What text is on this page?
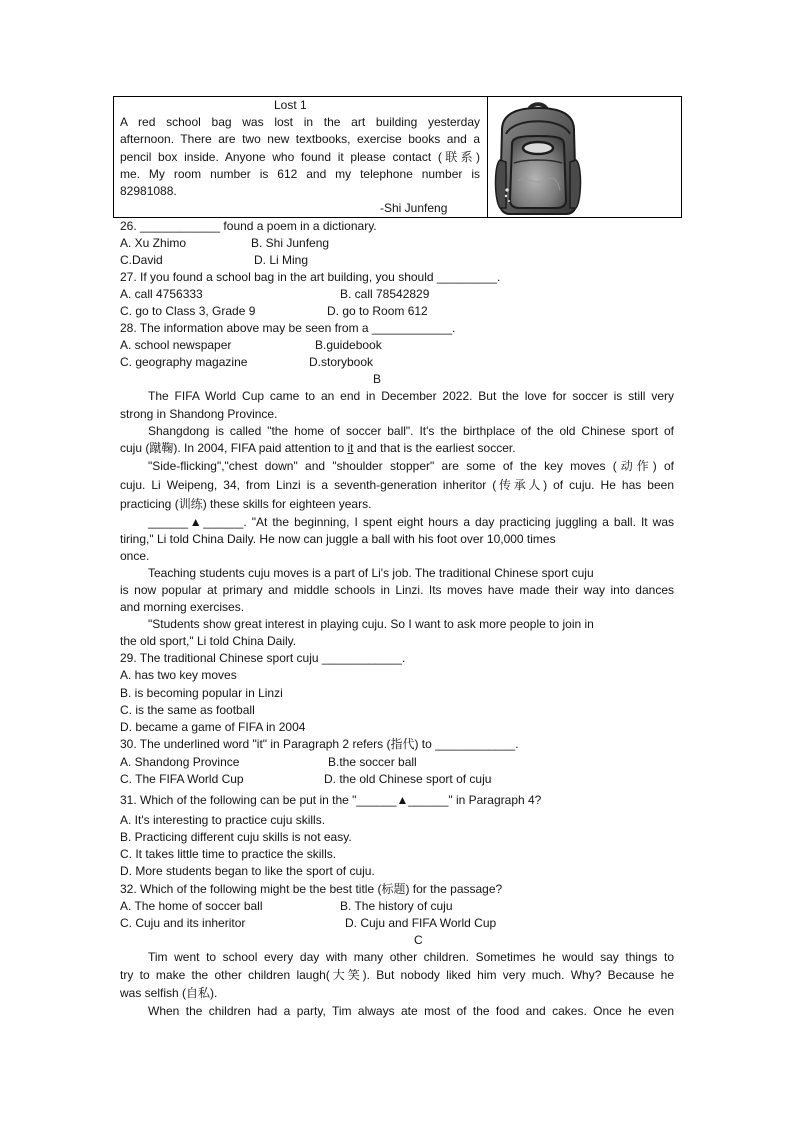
Lost 1
A red school bag was lost in the art building yesterday
afternoon. There are two new textbooks, exercise books and a
pencil box inside. Anyone who found it please contact (联系)
me. My room number is 612 and my telephone number is
82981088.
-Shi Junfeng
26. ____________ found a poem in a dictionary.
A. Xu Zhimo	B. Shi Junfeng
C.David	D. Li Ming
27. If you found a school bag in the art building, you should _________.
A. call 4756333	B. call 78542829
C. go to Class 3, Grade 9	D. go to Room 612
28. The information above may be seen from a ____________.
A. school newspaper	B.guidebook
C. geography magazine	D.storybook
B
The FIFA World Cup came to an end in December 2022. But the love for soccer is still very
strong in Shandong Province.
Shangdong is called "the home of soccer ball". It's the birthplace of the old Chinese sport of
cuju (蹴鞠). In 2004, FIFA paid attention to it and that is the earliest soccer.
"Side-flicking","chest down" and "shoulder stopper" are some of the key moves (动作) of
cuju. Li Weipeng, 34, from Linzi is a seventh-generation inheritor (传承人) of cuju. He has been
practicing (训练) these skills for eighteen years.
______▲______. "At the beginning, I spent eight hours a day practicing juggling a ball. It was
tiring," Li told China Daily. He now can juggle a ball with his foot over 10,000 times
once.
Teaching students cuju moves is a part of Li's job. The traditional Chinese sport cuju
is now popular at primary and middle schools in Linzi. Its moves have made their way into dances
and morning exercises.
"Students show great interest in playing cuju. So I want to ask more people to join in
the old sport," Li told China Daily.
29. The traditional Chinese sport cuju ____________.
A. has two key moves
B. is becoming popular in Linzi
C. is the same as football
D. became a game of FIFA in 2004
30. The underlined word "it" in Paragraph 2 refers (指代) to ____________.
A. Shandong Province	B.the soccer ball
C. The FIFA World Cup	D. the old Chinese sport of cuju
31. Which of the following can be put in the "______▲______" in Paragraph 4?
A. It's interesting to practice cuju skills.
B. Practicing different cuju skills is not easy.
C. It takes little time to practice the skills.
D. More students began to like the sport of cuju.
32. Which of the following might be the best title (标题) for the passage?
A. The home of soccer ball	B. The history of cuju
C. Cuju and its inheritor	D. Cuju and FIFA World Cup
C
Tim went to school every day with many other children. Sometimes he would say things to
try to make the other children laugh(大笑). But nobody liked him very much. Why? Because he
was selfish (自私).
When the children had a party, Tim always ate most of the food and cakes. Once he even
